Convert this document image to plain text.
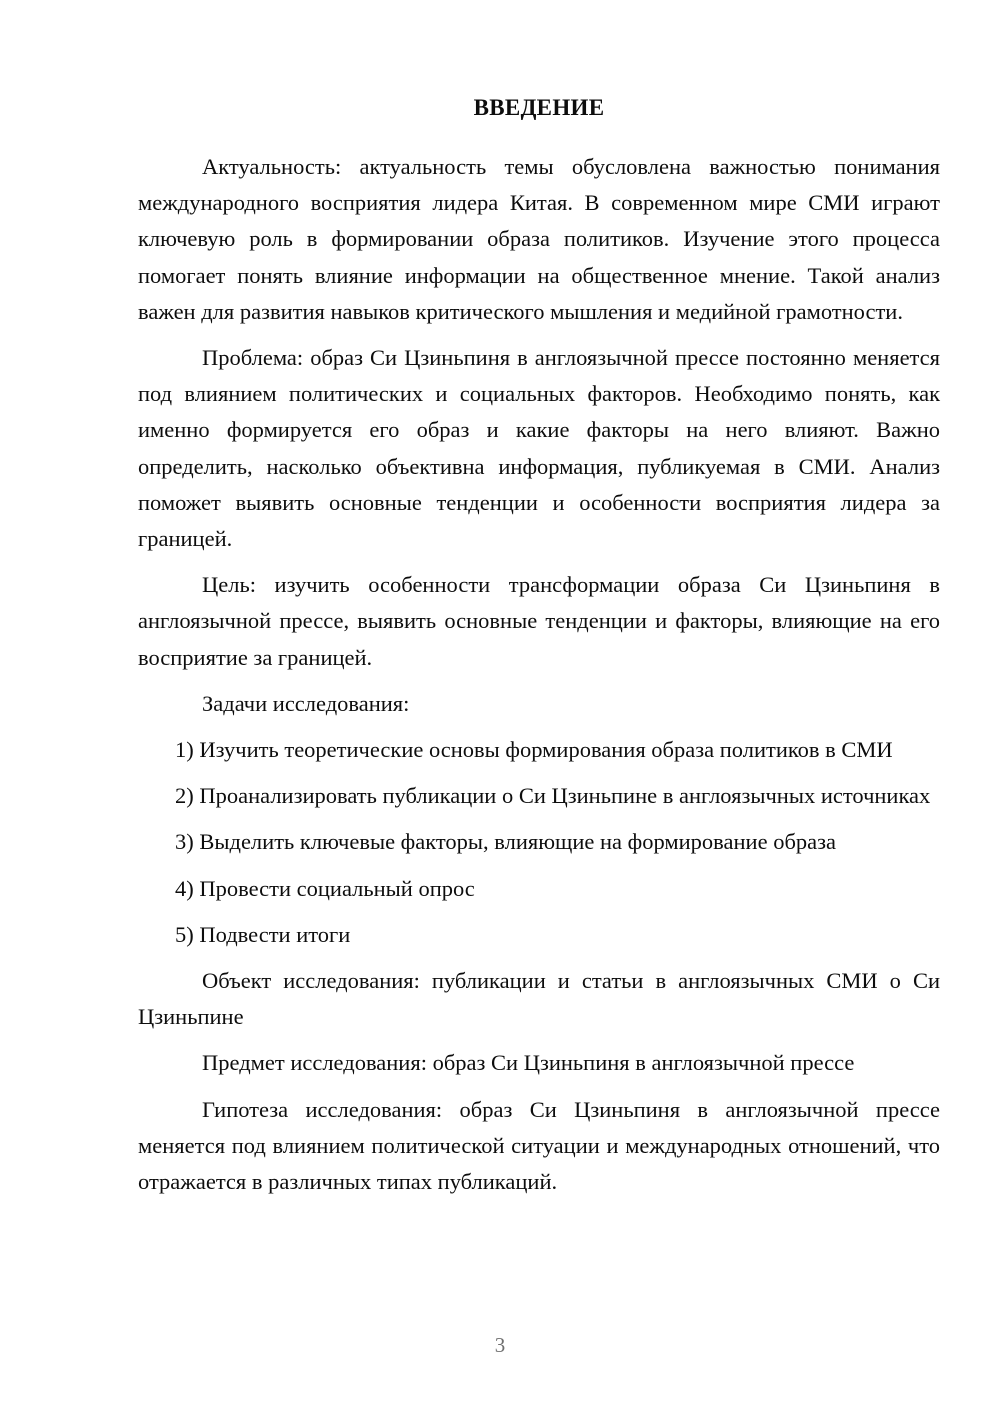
ВВЕДЕНИЕ

Актуальность: актуальность темы обусловлена важностью понимания международного восприятия лидера Китая. В современном мире СМИ играют ключевую роль в формировании образа политиков. Изучение этого процесса помогает понять влияние информации на общественное мнение. Такой анализ важен для развития навыков критического мышления и медийной грамотности.

Проблема: образ Си Цзиньпиня в англоязычной прессе постоянно меняется под влиянием политических и социальных факторов. Необходимо понять, как именно формируется его образ и какие факторы на него влияют. Важно определить, насколько объективна информация, публикуемая в СМИ. Анализ поможет выявить основные тенденции и особенности восприятия лидера за границей.

Цель: изучить особенности трансформации образа Си Цзиньпиня в англоязычной прессе, выявить основные тенденции и факторы, влияющие на его восприятие за границей.

Задачи исследования:

1) Изучить теоретические основы формирования образа политиков в СМИ
2) Проанализировать публикации о Си Цзиньпине в англоязычных источниках
3) Выделить ключевые факторы, влияющие на формирование образа
4) Провести социальный опрос
5) Подвести итоги

Объект исследования: публикации и статьи в англоязычных СМИ о Си Цзиньпине

Предмет исследования: образ Си Цзиньпиня в англоязычной прессе

Гипотеза исследования: образ Си Цзиньпиня в англоязычной прессе меняется под влиянием политической ситуации и международных отношений, что отражается в различных типах публикаций.

3
